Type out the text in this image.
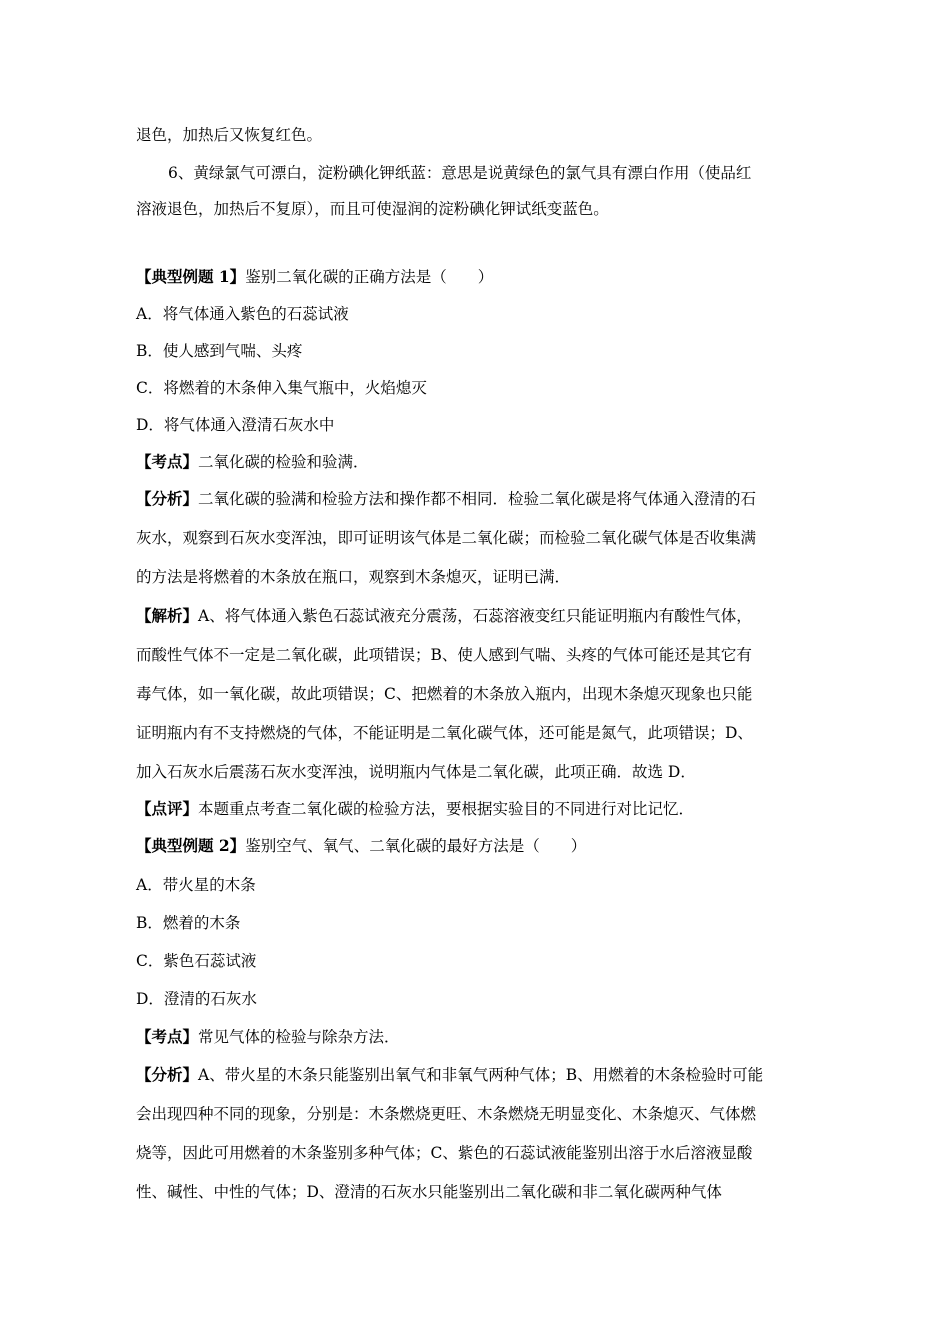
退色，加热后又恢复红色。
6、黄绿氯气可漂白，淀粉碘化钾纸蓝：意思是说黄绿色的氯气具有漂白作用（使品红
溶液退色，加热后不复原），而且可使湿润的淀粉碘化钾试纸变蓝色。
【典型例题 1】鉴别二氧化碳的正确方法是（　　）
A．将气体通入紫色的石蕊试液
B．使人感到气喘、头疼
C．将燃着的木条伸入集气瓶中，火焰熄灭
D．将气体通入澄清石灰水中
【考点】二氧化碳的检验和验满．
【分析】二氧化碳的验满和检验方法和操作都不相同．检验二氧化碳是将气体通入澄清的石
灰水，观察到石灰水变浑浊，即可证明该气体是二氧化碳；而检验二氧化碳气体是否收集满
的方法是将燃着的木条放在瓶口，观察到木条熄灭，证明已满．
【解析】A、将气体通入紫色石蕊试液充分震荡，石蕊溶液变红只能证明瓶内有酸性气体，
而酸性气体不一定是二氧化碳，此项错误；B、使人感到气喘、头疼的气体可能还是其它有
毒气体，如一氧化碳，故此项错误；C、把燃着的木条放入瓶内，出现木条熄灭现象也只能
证明瓶内有不支持燃烧的气体，不能证明是二氧化碳气体，还可能是氮气，此项错误；D、
加入石灰水后震荡石灰水变浑浊，说明瓶内气体是二氧化碳，此项正确．故选 D．
【点评】本题重点考查二氧化碳的检验方法，要根据实验目的不同进行对比记忆．
【典型例题 2】鉴别空气、氧气、二氧化碳的最好方法是（　　）
A．带火星的木条
B．燃着的木条
C．紫色石蕊试液
D．澄清的石灰水
【考点】常见气体的检验与除杂方法．
【分析】A、带火星的木条只能鉴别出氧气和非氧气两种气体；B、用燃着的木条检验时可能
会出现四种不同的现象，分别是：木条燃烧更旺、木条燃烧无明显变化、木条熄灭、气体燃
烧等，因此可用燃着的木条鉴别多种气体；C、紫色的石蕊试液能鉴别出溶于水后溶液显酸
性、碱性、中性的气体；D、澄清的石灰水只能鉴别出二氧化碳和非二氧化碳两种气体
